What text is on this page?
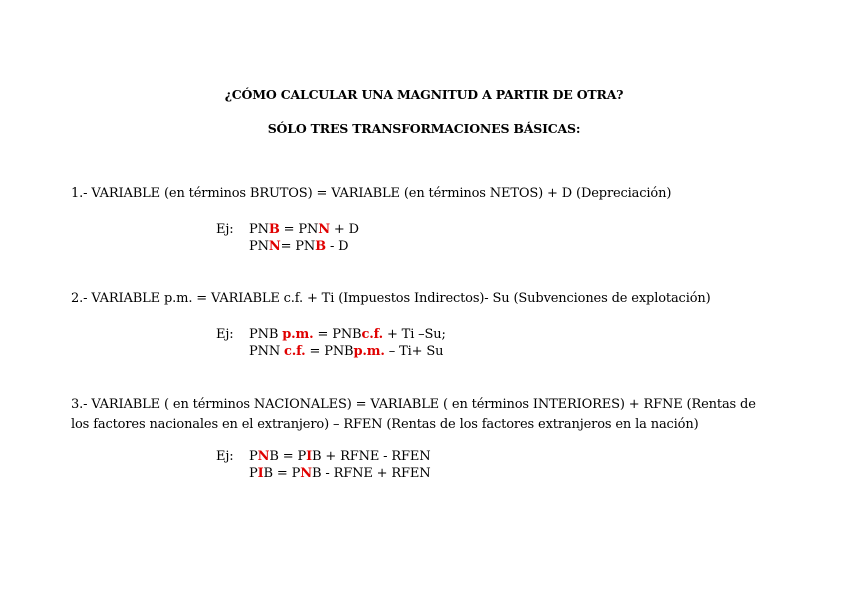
¿CÓMO CALCULAR UNA MAGNITUD A PARTIR DE OTRA?
SÓLO TRES TRANSFORMACIONES BÁSICAS:
1.- VARIABLE (en términos BRUTOS) = VARIABLE (en términos NETOS) + D (Depreciación)
Ej:	PNB = PNN + D
PNN= PNB - D
2.- VARIABLE p.m. = VARIABLE c.f. + Ti (Impuestos Indirectos)- Su (Subvenciones de explotación)
Ej:	PNB p.m. = PNBc.f. + Ti –Su;
PNN c.f. = PNBp.m. – Ti+ Su
3.- VARIABLE ( en términos NACIONALES) = VARIABLE ( en términos INTERIORES) + RFNE (Rentas de los factores nacionales en el extranjero) – RFEN (Rentas de los factores extranjeros en la nación)
Ej:	PNB = PIB + RFNE - RFEN
PIB = PNB - RFNE + RFEN
